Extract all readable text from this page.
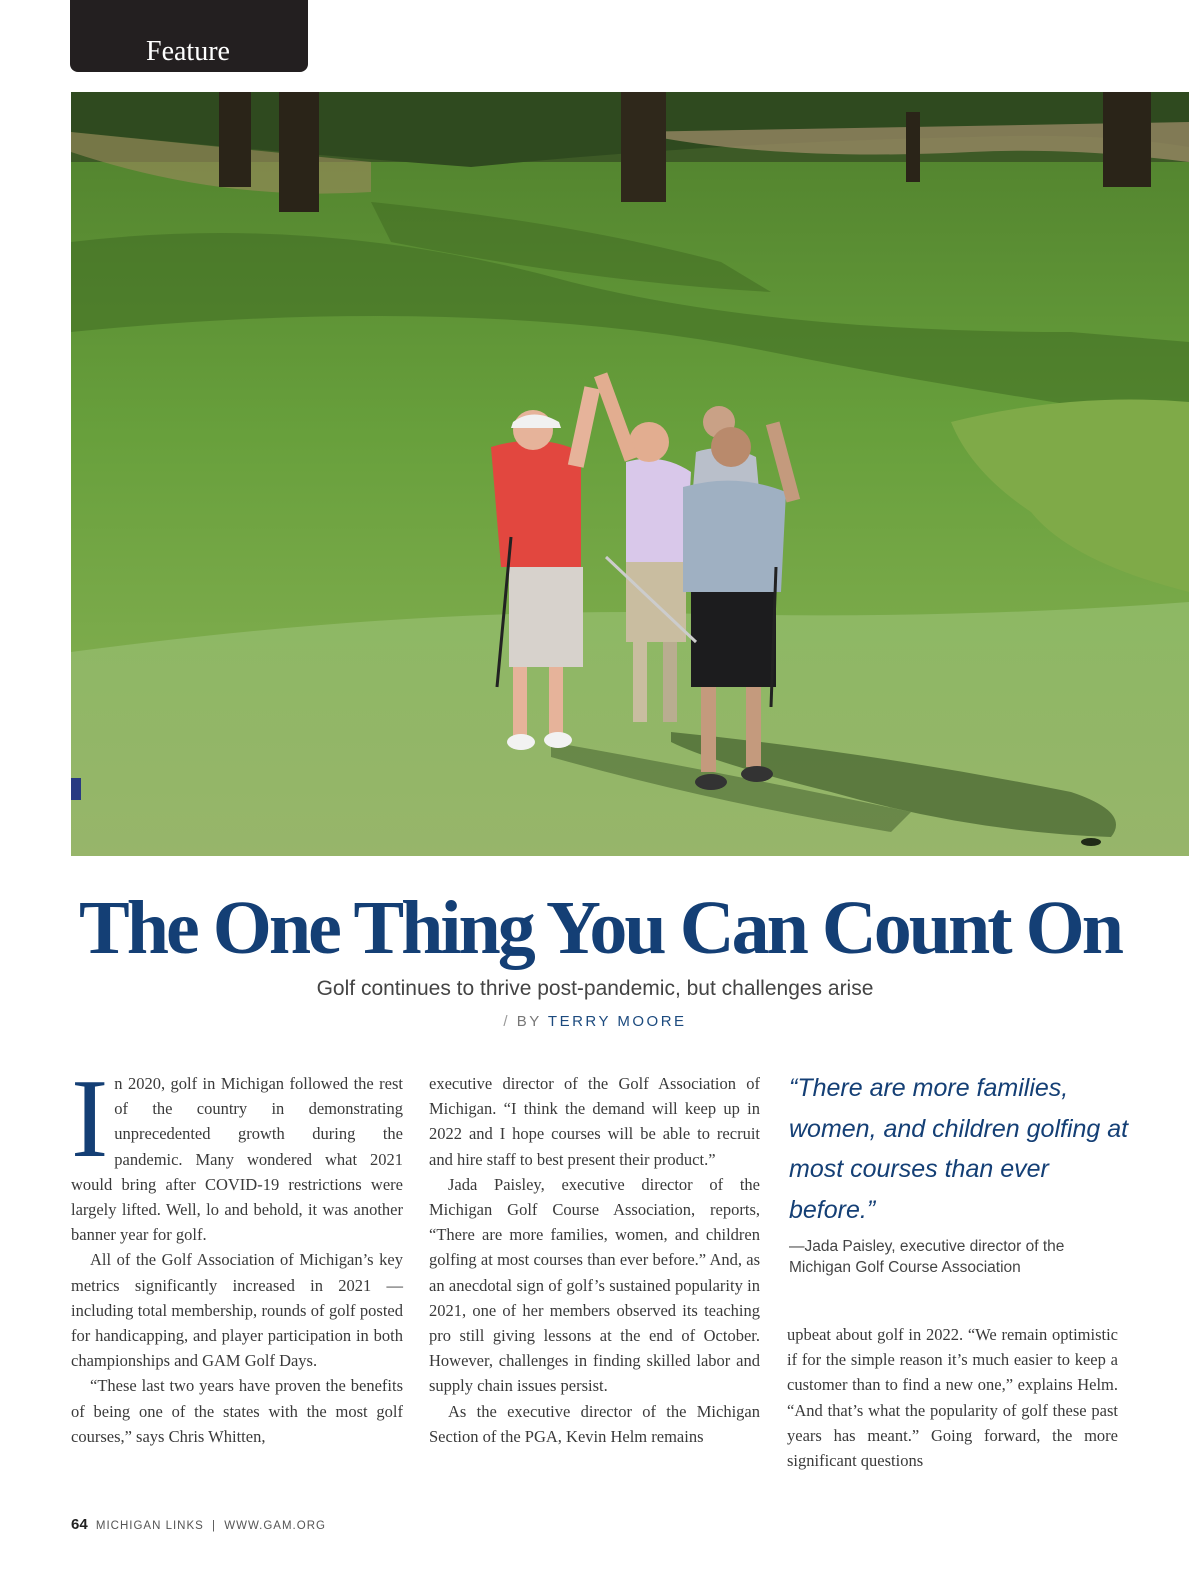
Feature
The One Thing You Can Count On
Golf continues to thrive post-pandemic, but challenges arise
/ BY TERRY MOORE

In 2020, golf in Michigan followed the rest of the country in demonstrating unprecedented growth during the pandemic. Many wondered what 2021 would bring after COVID-19 restrictions were largely lifted. Well, lo and behold, it was another banner year for golf.

All of the Golf Association of Michigan’s key metrics significantly increased in 2021 — including total membership, rounds of golf posted for handicapping, and player participation in both championships and GAM Golf Days.

“These last two years have proven the benefits of being one of the states with the most golf courses,” says Chris Whitten,

executive director of the Golf Association of Michigan. “I think the demand will keep up in 2022 and I hope courses will be able to recruit and hire staff to best present their product.”

Jada Paisley, executive director of the Michigan Golf Course Association, reports, “There are more families, women, and children golfing at most courses than ever before.” And, as an anecdotal sign of golf’s sustained popularity in 2021, one of her members observed its teaching pro still giving lessons at the end of October. However, challenges in finding skilled labor and supply chain issues persist.

As the executive director of the Michigan Section of the PGA, Kevin Helm remains

“There are more families, women, and children golfing at most courses than ever before.”
—Jada Paisley, executive director of the Michigan Golf Course Association

upbeat about golf in 2022. “We remain optimistic if for the simple reason it’s much easier to keep a customer than to find a new one,” explains Helm. “And that’s what the popularity of golf these past years has meant.” Going forward, the more significant questions

64 MICHIGAN LINKS | WWW.GAM.ORG
